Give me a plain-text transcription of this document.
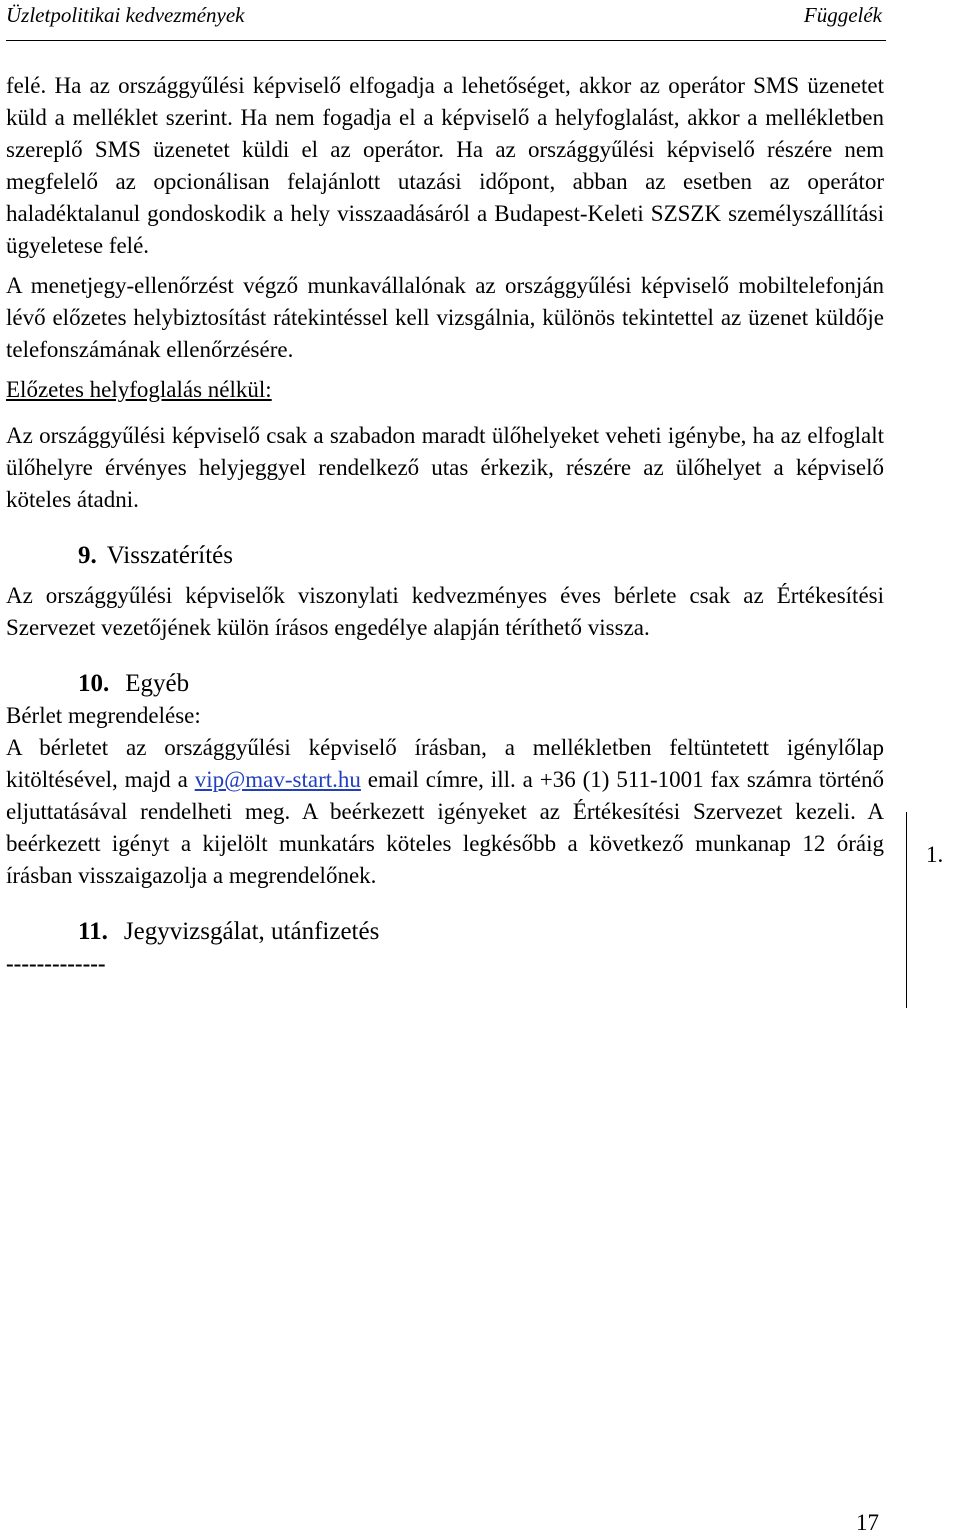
Üzletpolitikai kedvezmények	Függelék

felé. Ha az országgyűlési képviselő elfogadja a lehetőséget, akkor az operátor SMS üzenetet küld a melléklet szerint. Ha nem fogadja el a képviselő a helyfoglalást, akkor a mellékletben szereplő SMS üzenetet küldi el az operátor. Ha az országgyűlési képviselő részére nem megfelelő az opcionálisan felajánlott utazási időpont, abban az esetben az operátor haladéktalanul gondoskodik a hely visszaadásáról a Budapest-Keleti SZSZK személyszállítási ügyeletese felé.

A menetjegy-ellenőrzést végző munkavállalónak az országgyűlési képviselő mobiltelefonján lévő előzetes helybiztosítást rátekintéssel kell vizsgálnia, különös tekintettel az üzenet küldője telefonszámának ellenőrzésére.

Előzetes helyfoglalás nélkül:

Az országgyűlési képviselő csak a szabadon maradt ülőhelyeket veheti igénybe, ha az elfoglalt ülőhelyre érvényes helyjeggyel rendelkező utas érkezik, részére az ülőhelyet a képviselő köteles átadni.

9. Visszatérítés

Az országgyűlési képviselők viszonylati kedvezményes éves bérlete csak az Értékesítési Szervezet vezetőjének külön írásos engedélye alapján téríthető vissza.

10. Egyéb

Bérlet megrendelése:

A bérletet az országgyűlési képviselő írásban, a mellékletben feltüntetett igénylőlap kitöltésével, majd a vip@mav-start.hu email címre, ill. a +36 (1) 511-1001 fax számra történő eljuttatásával rendelheti meg. A beérkezett igényeket az Értékesítési Szervezet kezeli. A beérkezett igényt a kijelölt munkatárs köteles legkésőbb a következő munkanap 12 óráig írásban visszaigazolja a megrendelőnek.

11. Jegyvizsgálat, utánfizetés

-------------

1.
17
